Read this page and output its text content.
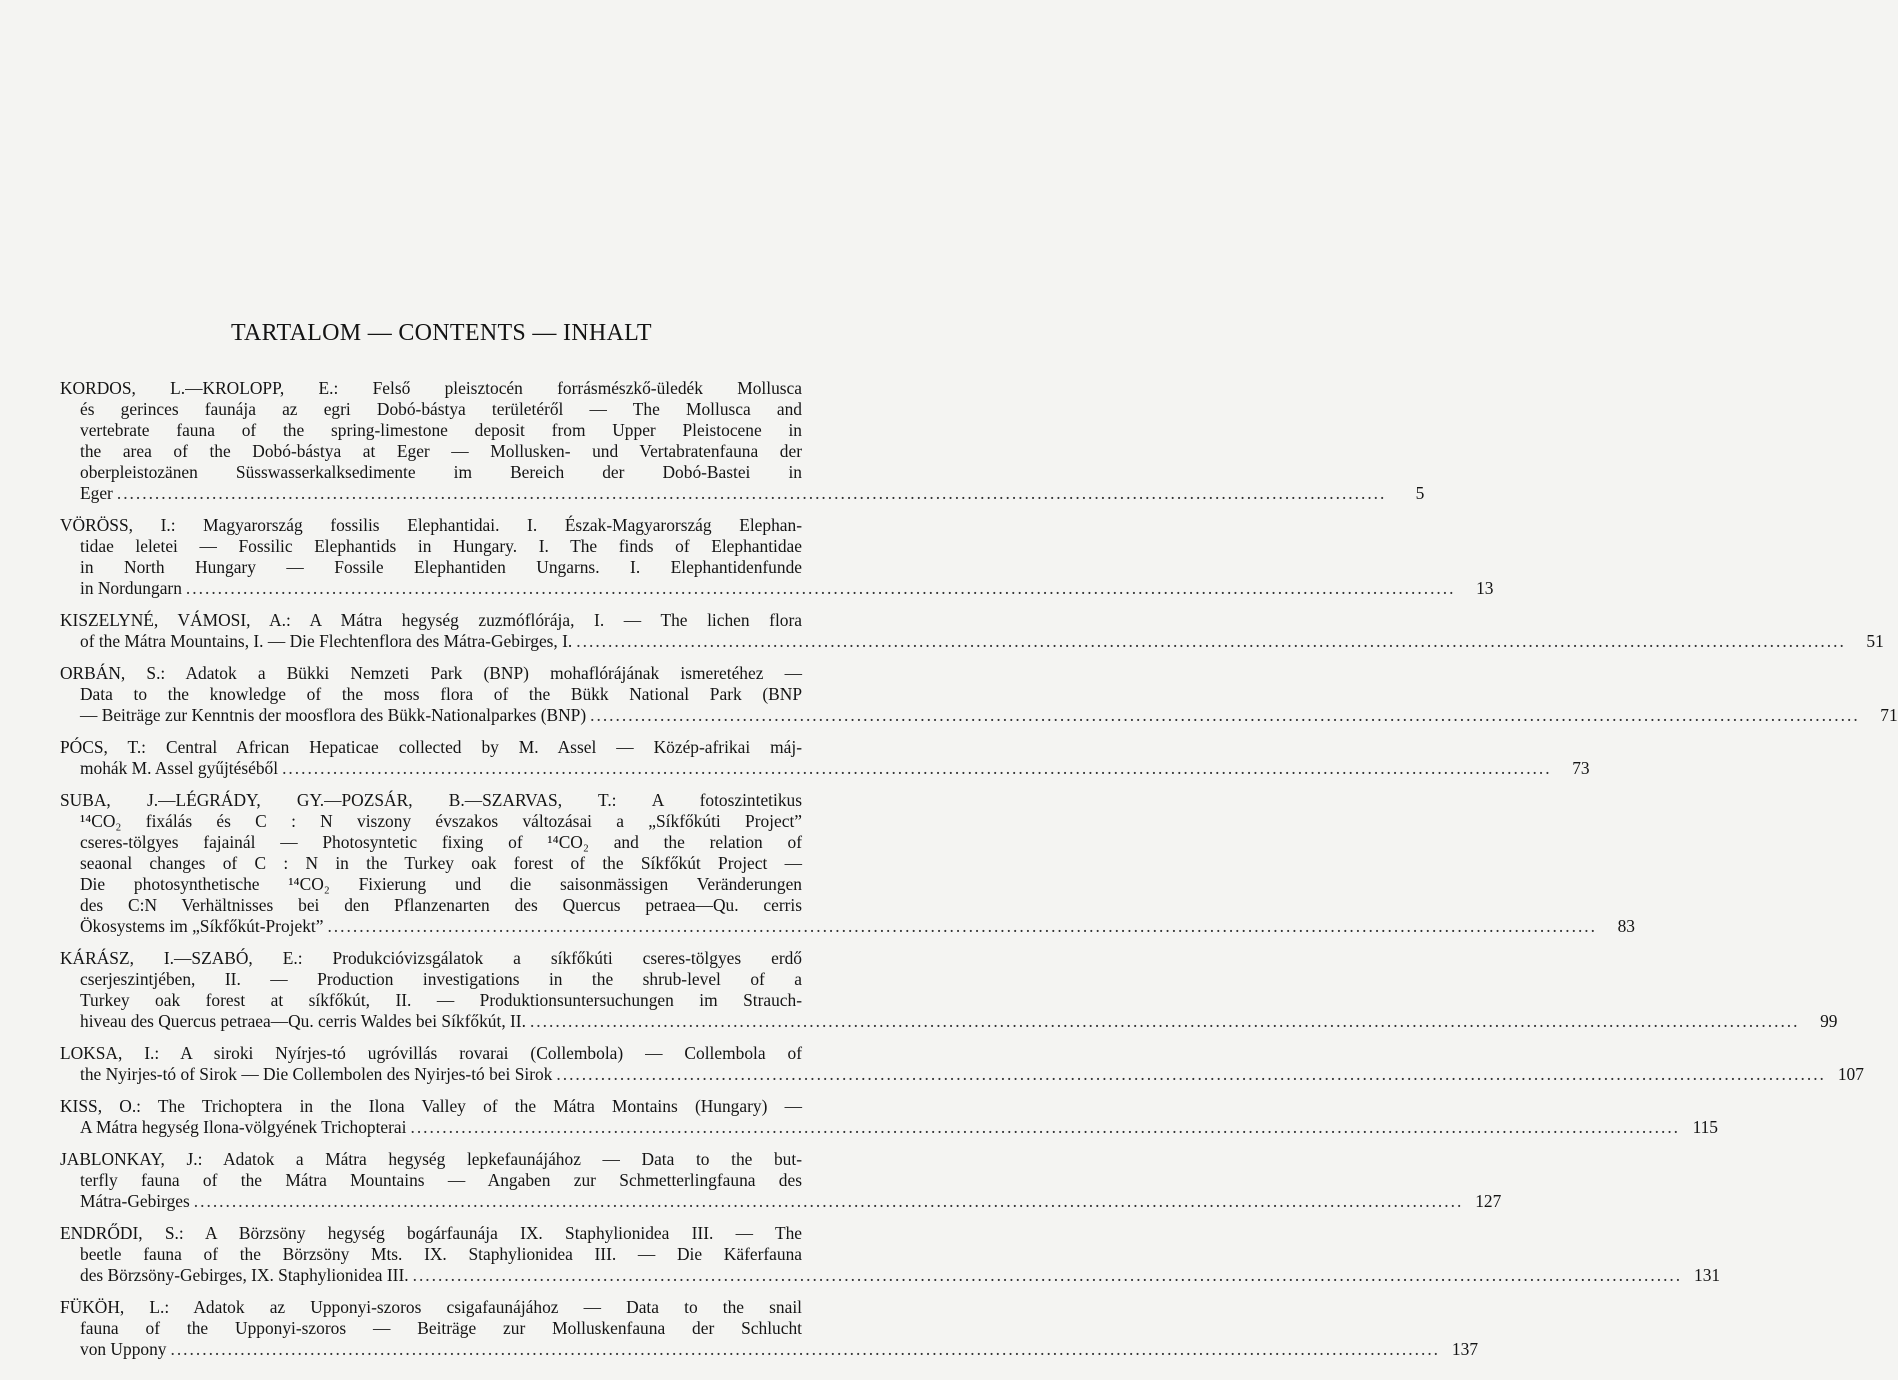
TARTALOM — CONTENTS — INHALT
KORDOS, L.—KROLOPP, E.: Felső pleisztocén forrásmészkő-üledék Mollusca
és gerinces faunája az egri Dobó-bástya területéről — The Mollusca and
vertebrate fauna of the spring-limestone deposit from Upper Pleistocene in
the area of the Dobó-bástya at Eger — Mollusken- und Vertabratenfauna der
oberpleistozänen Süsswasserkalksedimente im Bereich der Dobó-Bastei in
Eger ........................................................................................................................................................................................................	5
VÖRÖSS, I.: Magyarország fossilis Elephantidai. I. Észak-Magyarország Elephan-
tidae leletei — Fossilic Elephantids in Hungary. I. The finds of Elephantidae
in North Hungary — Fossile Elephantiden Ungarns. I. Elephantidenfunde
in Nordungarn ........................................................................................................................................................................................................	13
KISZELYNÉ, VÁMOSI, A.: A Mátra hegység zuzmóflórája, I. — The lichen flora
of the Mátra Mountains, I. — Die Flechtenflora des Mátra-Gebirges, I. ........................................................................................................................................................................................................	51
ORBÁN, S.: Adatok a Bükki Nemzeti Park (BNP) mohaflórájának ismeretéhez —
Data to the knowledge of the moss flora of the Bükk National Park (BNP
— Beiträge zur Kenntnis der moosflora des Bükk-Nationalparkes (BNP) ........................................................................................................................................................................................................	71
PÓCS, T.: Central African Hepaticae collected by M. Assel — Közép-afrikai máj-
mohák M. Assel gyűjtéséből ........................................................................................................................................................................................................	73
SUBA, J.—LÉGRÁDY, GY.—POZSÁR, B.—SZARVAS, T.: A fotoszintetikus
¹⁴CO₂ fixálás és C : N viszony évszakos változásai a „Síkfőkúti Project”
cseres-tölgyes fajainál — Photosyntetic fixing of ¹⁴CO₂ and the relation of
seaonal changes of C : N in the Turkey oak forest of the Síkfőkút Project —
Die photosynthetische ¹⁴CO₂ Fixierung und die saisonmässigen Veränderungen
des C:N Verhältnisses bei den Pflanzenarten des Quercus petraea—Qu. cerris
Ökosystems im „Síkfőkút-Projekt” ........................................................................................................................................................................................................	83
KÁRÁSZ, I.—SZABÓ, E.: Produkcióvizsgálatok a síkfőkúti cseres-tölgyes erdő
cserjeszintjében, II. — Production investigations in the shrub-level of a
Turkey oak forest at síkfőkút, II. — Produktionsuntersuchungen im Strauch-
hiveau des Quercus petraea—Qu. cerris Waldes bei Síkfőkút, II. ........................................................................................................................................................................................................	99
LOKSA, I.: A siroki Nyírjes-tó ugróvillás rovarai (Collembola) — Collembola of
the Nyirjes-tó of Sirok — Die Collembolen des Nyirjes-tó bei Sirok ........................................................................................................................................................................................................ 107
KISS, O.: The Trichoptera in the Ilona Valley of the Mátra Montains (Hungary) —
A Mátra hegység Ilona-völgyének Trichopterai ........................................................................................................................................................................................................ 115
JABLONKAY, J.: Adatok a Mátra hegység lepkefaunájához — Data to the but-
terfly fauna of the Mátra Mountains — Angaben zur Schmetterlingfauna des
Mátra-Gebirges ........................................................................................................................................................................................................ 127
ENDRŐDI, S.: A Börzsöny hegység bogárfaunája IX. Staphylionidea III. — The
beetle fauna of the Börzsöny Mts. IX. Staphylionidea III. — Die Käferfauna
des Börzsöny-Gebirges, IX. Staphylionidea III. ........................................................................................................................................................................................................ 131
FÜKÖH, L.: Adatok az Upponyi-szoros csigafaunájához — Data to the snail
fauna of the Upponyi-szoros — Beiträge zur Molluskenfauna der Schlucht
von Uppony ........................................................................................................................................................................................................ 137
